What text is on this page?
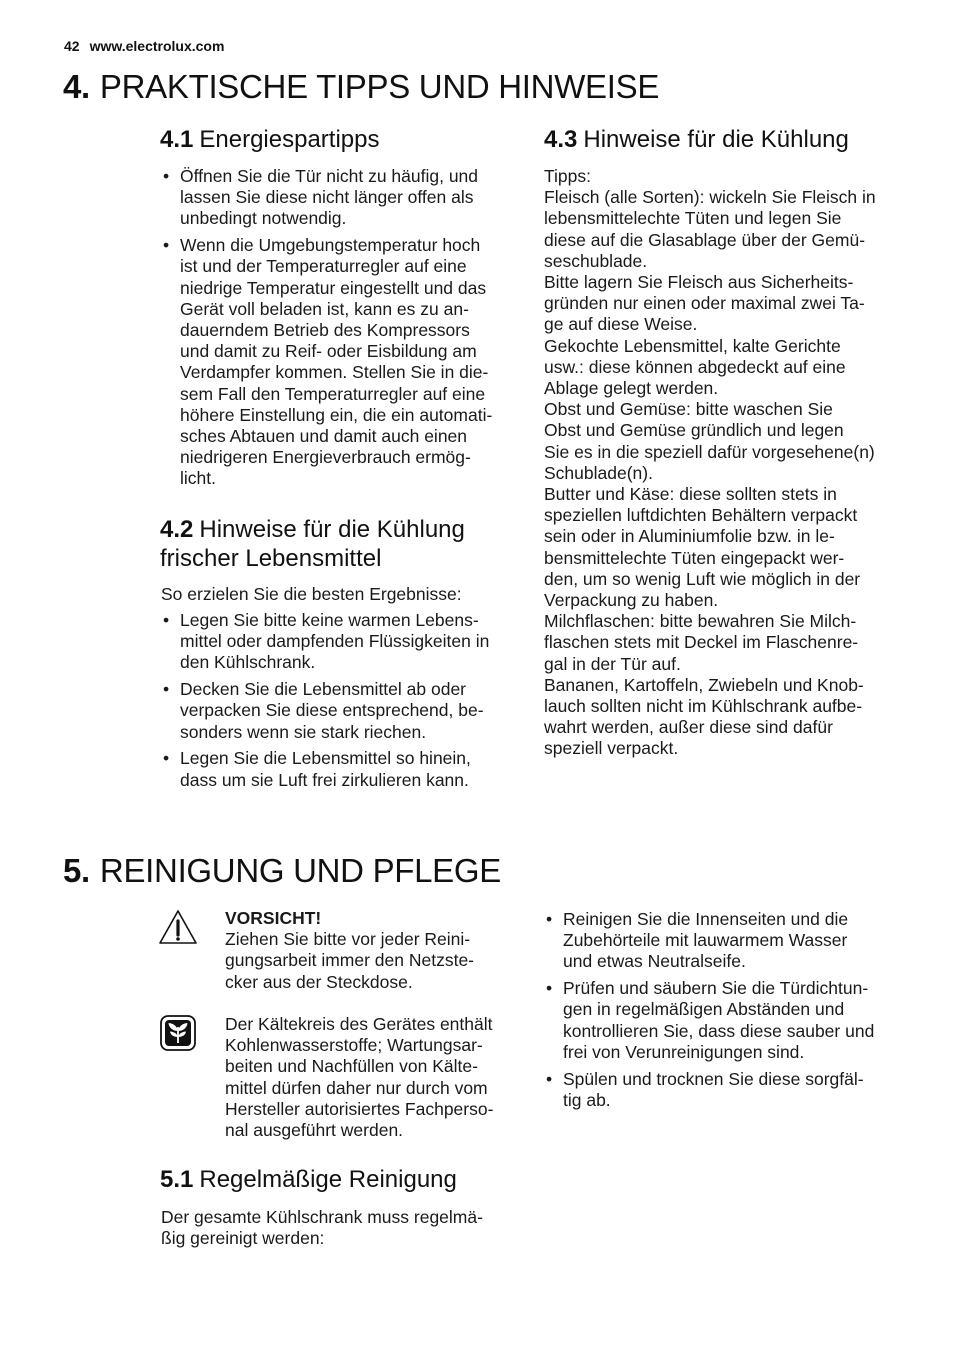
42 www.electrolux.com
4. PRAKTISCHE TIPPS UND HINWEISE
4.1 Energiespartipps
• Öffnen Sie die Tür nicht zu häufig, und
lassen Sie diese nicht länger offen als
unbedingt notwendig.
• Wenn die Umgebungstemperatur hoch
ist und der Temperaturregler auf eine
niedrige Temperatur eingestellt und das
Gerät voll beladen ist, kann es zu an-
dauerndem Betrieb des Kompressors
und damit zu Reif- oder Eisbildung am
Verdampfer kommen. Stellen Sie in die-
sem Fall den Temperaturregler auf eine
höhere Einstellung ein, die ein automati-
sches Abtauen und damit auch einen
niedrigeren Energieverbrauch ermög-
licht.
4.2 Hinweise für die Kühlung
frischer Lebensmittel
So erzielen Sie die besten Ergebnisse:
• Legen Sie bitte keine warmen Lebens-
mittel oder dampfenden Flüssigkeiten in
den Kühlschrank.
• Decken Sie die Lebensmittel ab oder
verpacken Sie diese entsprechend, be-
sonders wenn sie stark riechen.
• Legen Sie die Lebensmittel so hinein,
dass um sie Luft frei zirkulieren kann.
4.3 Hinweise für die Kühlung
Tipps:
Fleisch (alle Sorten): wickeln Sie Fleisch in
lebensmittelechte Tüten und legen Sie
diese auf die Glasablage über der Gemü-
seschublade.
Bitte lagern Sie Fleisch aus Sicherheits-
gründen nur einen oder maximal zwei Ta-
ge auf diese Weise.
Gekochte Lebensmittel, kalte Gerichte
usw.: diese können abgedeckt auf eine
Ablage gelegt werden.
Obst und Gemüse: bitte waschen Sie
Obst und Gemüse gründlich und legen
Sie es in die speziell dafür vorgesehene(n)
Schublade(n).
Butter und Käse: diese sollten stets in
speziellen luftdichten Behältern verpackt
sein oder in Aluminiumfolie bzw. in le-
bensmittelechte Tüten eingepackt wer-
den, um so wenig Luft wie möglich in der
Verpackung zu haben.
Milchflaschen: bitte bewahren Sie Milch-
flaschen stets mit Deckel im Flaschenre-
gal in der Tür auf.
Bananen, Kartoffeln, Zwiebeln und Knob-
lauch sollten nicht im Kühlschrank aufbe-
wahrt werden, außer diese sind dafür
speziell verpackt.
5. REINIGUNG UND PFLEGE
VORSICHT!
Ziehen Sie bitte vor jeder Reini-
gungsarbeit immer den Netzste-
cker aus der Steckdose.
Der Kältekreis des Gerätes enthält
Kohlenwasserstoffe; Wartungsar-
beiten und Nachfüllen von Kälte-
mittel dürfen daher nur durch vom
Hersteller autorisiertes Fachperso-
nal ausgeführt werden.
5.1 Regelmäßige Reinigung
Der gesamte Kühlschrank muss regelmä-
ßig gereinigt werden:
• Reinigen Sie die Innenseiten und die
Zubehörteile mit lauwarmem Wasser
und etwas Neutralseife.
• Prüfen und säubern Sie die Türdichtun-
gen in regelmäßigen Abständen und
kontrollieren Sie, dass diese sauber und
frei von Verunreinigungen sind.
• Spülen und trocknen Sie diese sorgfäl-
tig ab.
